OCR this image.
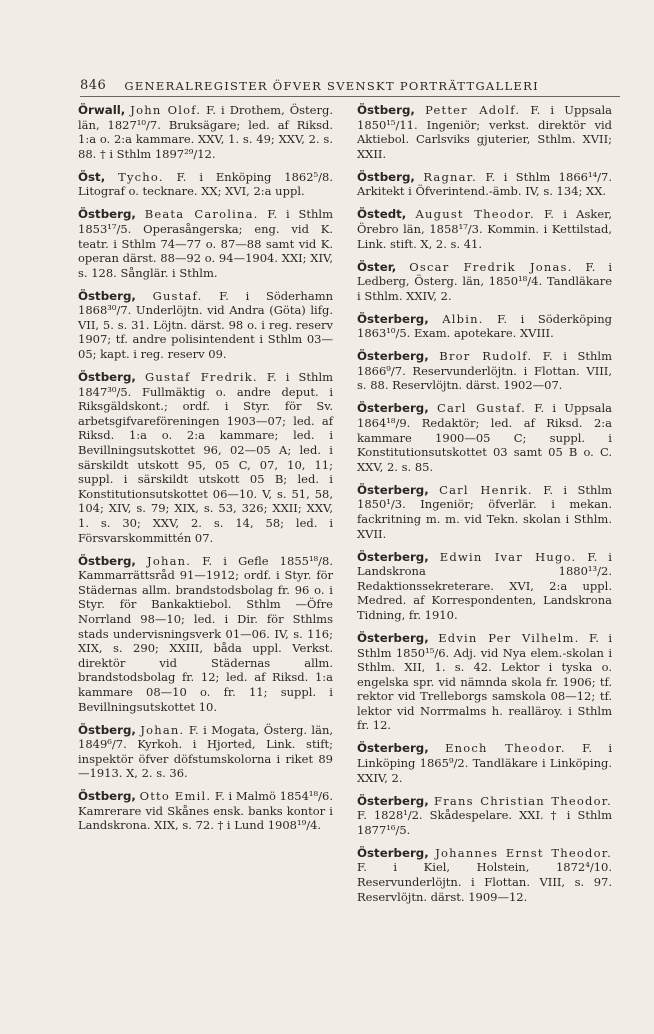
846 GENERALREGISTER ÖFVER SVENSKT PORTRÄTTGALLERI

Örwall, John Olof. F. i Drothem, Österg. län, 1827¹⁰/7. Bruksägare; led. af Riksd. 1:a o. 2:a kammare. XXV, 1. s. 49; XXV, 2. s. 88. † i Sthlm 1897²⁹/12.

Öst, Tycho. F. i Enköping 1862⁵/8. Litograf o. tecknare. XX; XVI, 2:a uppl.

Östberg, Beata Carolina. F. i Sthlm 1853¹⁷/5. Operasångerska; eng. vid K. teatr. i Sthlm 74—77 o. 87—88 samt vid K. operan därst. 88—92 o. 94—1904. XXI; XIV, s. 128. Sånglär. i Sthlm.

Östberg, Gustaf. F. i Söderhamn 1868³⁰/7. Underlöjtn. vid Andra (Göta) lifg. VII, 5. s. 31. Löjtn. därst. 98 o. i reg. reserv 1907; tf. andre polisintendent i Sthlm 03—05; kapt. i reg. reserv 09.

Östberg, Gustaf Fredrik. F. i Sthlm 1847³⁰/5. Fullmäktig o. andre deput. i Riksgäldskont.; ordf. i Styr. för Sv. arbetsgifvareföreningen 1903—07; led. af Riksd. 1:a o. 2:a kammare; led. i Bevillningsutskottet 96, 02—05 A; led. i särskildt utskott 95, 05 C, 07, 10, 11; suppl. i särskildt utskott 05 B; led. i Konstitutionsutskottet 06—10. V, s. 51, 58, 104; XIV, s. 79; XIX, s. 53, 326; XXII; XXV, 1. s. 30; XXV, 2. s. 14, 58; led. i Försvarskommittén 07.

Östberg, Johan. F. i Gefle 1855¹⁸/8. Kammarrättsråd 91—1912; ordf. i Styr. för Städernas allm. brandstodsbolag fr. 96 o. i Styr. för Bankaktiebol. Sthlm —Öfre Norrland 98—10; led. i Dir. för Sthlms stads undervisningsverk 01—06. IV, s. 116; XIX, s. 290; XXIII, båda uppl. Verkst. direktör vid Städernas allm. brandstodsbolag fr. 12; led. af Riksd. 1:a kammare 08—10 o. fr. 11; suppl. i Bevillningsutskottet 10.

Östberg, Johan. F. i Mogata, Österg. län, 1849⁶/7. Kyrkoh. i Hjorted, Link. stift; inspektör öfver döfstumskolorna i riket 89—1913. X, 2. s. 36.

Östberg, Otto Emil. F. i Malmö 1854¹⁸/6. Kamrerare vid Skånes ensk. banks kontor i Landskrona. XIX, s. 72. † i Lund 1908¹⁹/4.

Östberg, Petter Adolf. F. i Uppsala 1850¹⁵/11. Ingeniör; verkst. direktör vid Aktiebol. Carlsviks gjuterier, Sthlm. XVII; XXII.

Östberg, Ragnar. F. i Sthlm 1866¹⁴/7. Arkitekt i Öfverintend.-ämb. IV, s. 134; XX.

Östedt, August Theodor. F. i Asker, Örebro län, 1858¹⁷/3. Kommin. i Kettilstad, Link. stift. X, 2. s. 41.

Öster, Oscar Fredrik Jonas. F. i Ledberg, Österg. län, 1850¹⁸/4. Tandläkare i Sthlm. XXIV, 2.

Österberg, Albin. F. i Söderköping 1863¹⁰/5. Exam. apotekare. XVIII.

Österberg, Bror Rudolf. F. i Sthlm 1866⁹/7. Reservunderlöjtn. i Flottan. VIII, s. 88. Reservlöjtn. därst. 1902—07.

Österberg, Carl Gustaf. F. i Uppsala 1864¹⁸/9. Redaktör; led. af Riksd. 2:a kammare 1900—05 C; suppl. i Konstitutionsutskottet 03 samt 05 B o. C. XXV, 2. s. 85.

Österberg, Carl Henrik. F. i Sthlm 1850¹/3. Ingeniör; öfverlär. i mekan. fackritning m. m. vid Tekn. skolan i Sthlm. XVII.

Österberg, Edwin Ivar Hugo. F. i Landskrona 1880¹³/2. Redaktionssekreterare. XVI, 2:a uppl. Medred. af Korrespondenten, Landskrona Tidning, fr. 1910.

Österberg, Edvin Per Vilhelm. F. i Sthlm 1850¹⁵/6. Adj. vid Nya elem.-skolan i Sthlm. XII, 1. s. 42. Lektor i tyska o. engelska spr. vid nämnda skola fr. 1906; tf. rektor vid Trelleborgs samskola 08—12; tf. lektor vid Norrmalms h. realläroy. i Sthlm fr. 12.

Österberg, Enoch Theodor. F. i Linköping 1865⁹/2. Tandläkare i Linköping. XXIV, 2.

Österberg, Frans Christian Theodor. F. 1828¹/2. Skådespelare. XXI. † i Sthlm 1877¹⁶/5.

Österberg, Johannes Ernst Theodor. F. i Kiel, Holstein, 1872⁴/10. Reservunderlöjtn. i Flottan. VIII, s. 97. Reservlöjtn. därst. 1909—12.
